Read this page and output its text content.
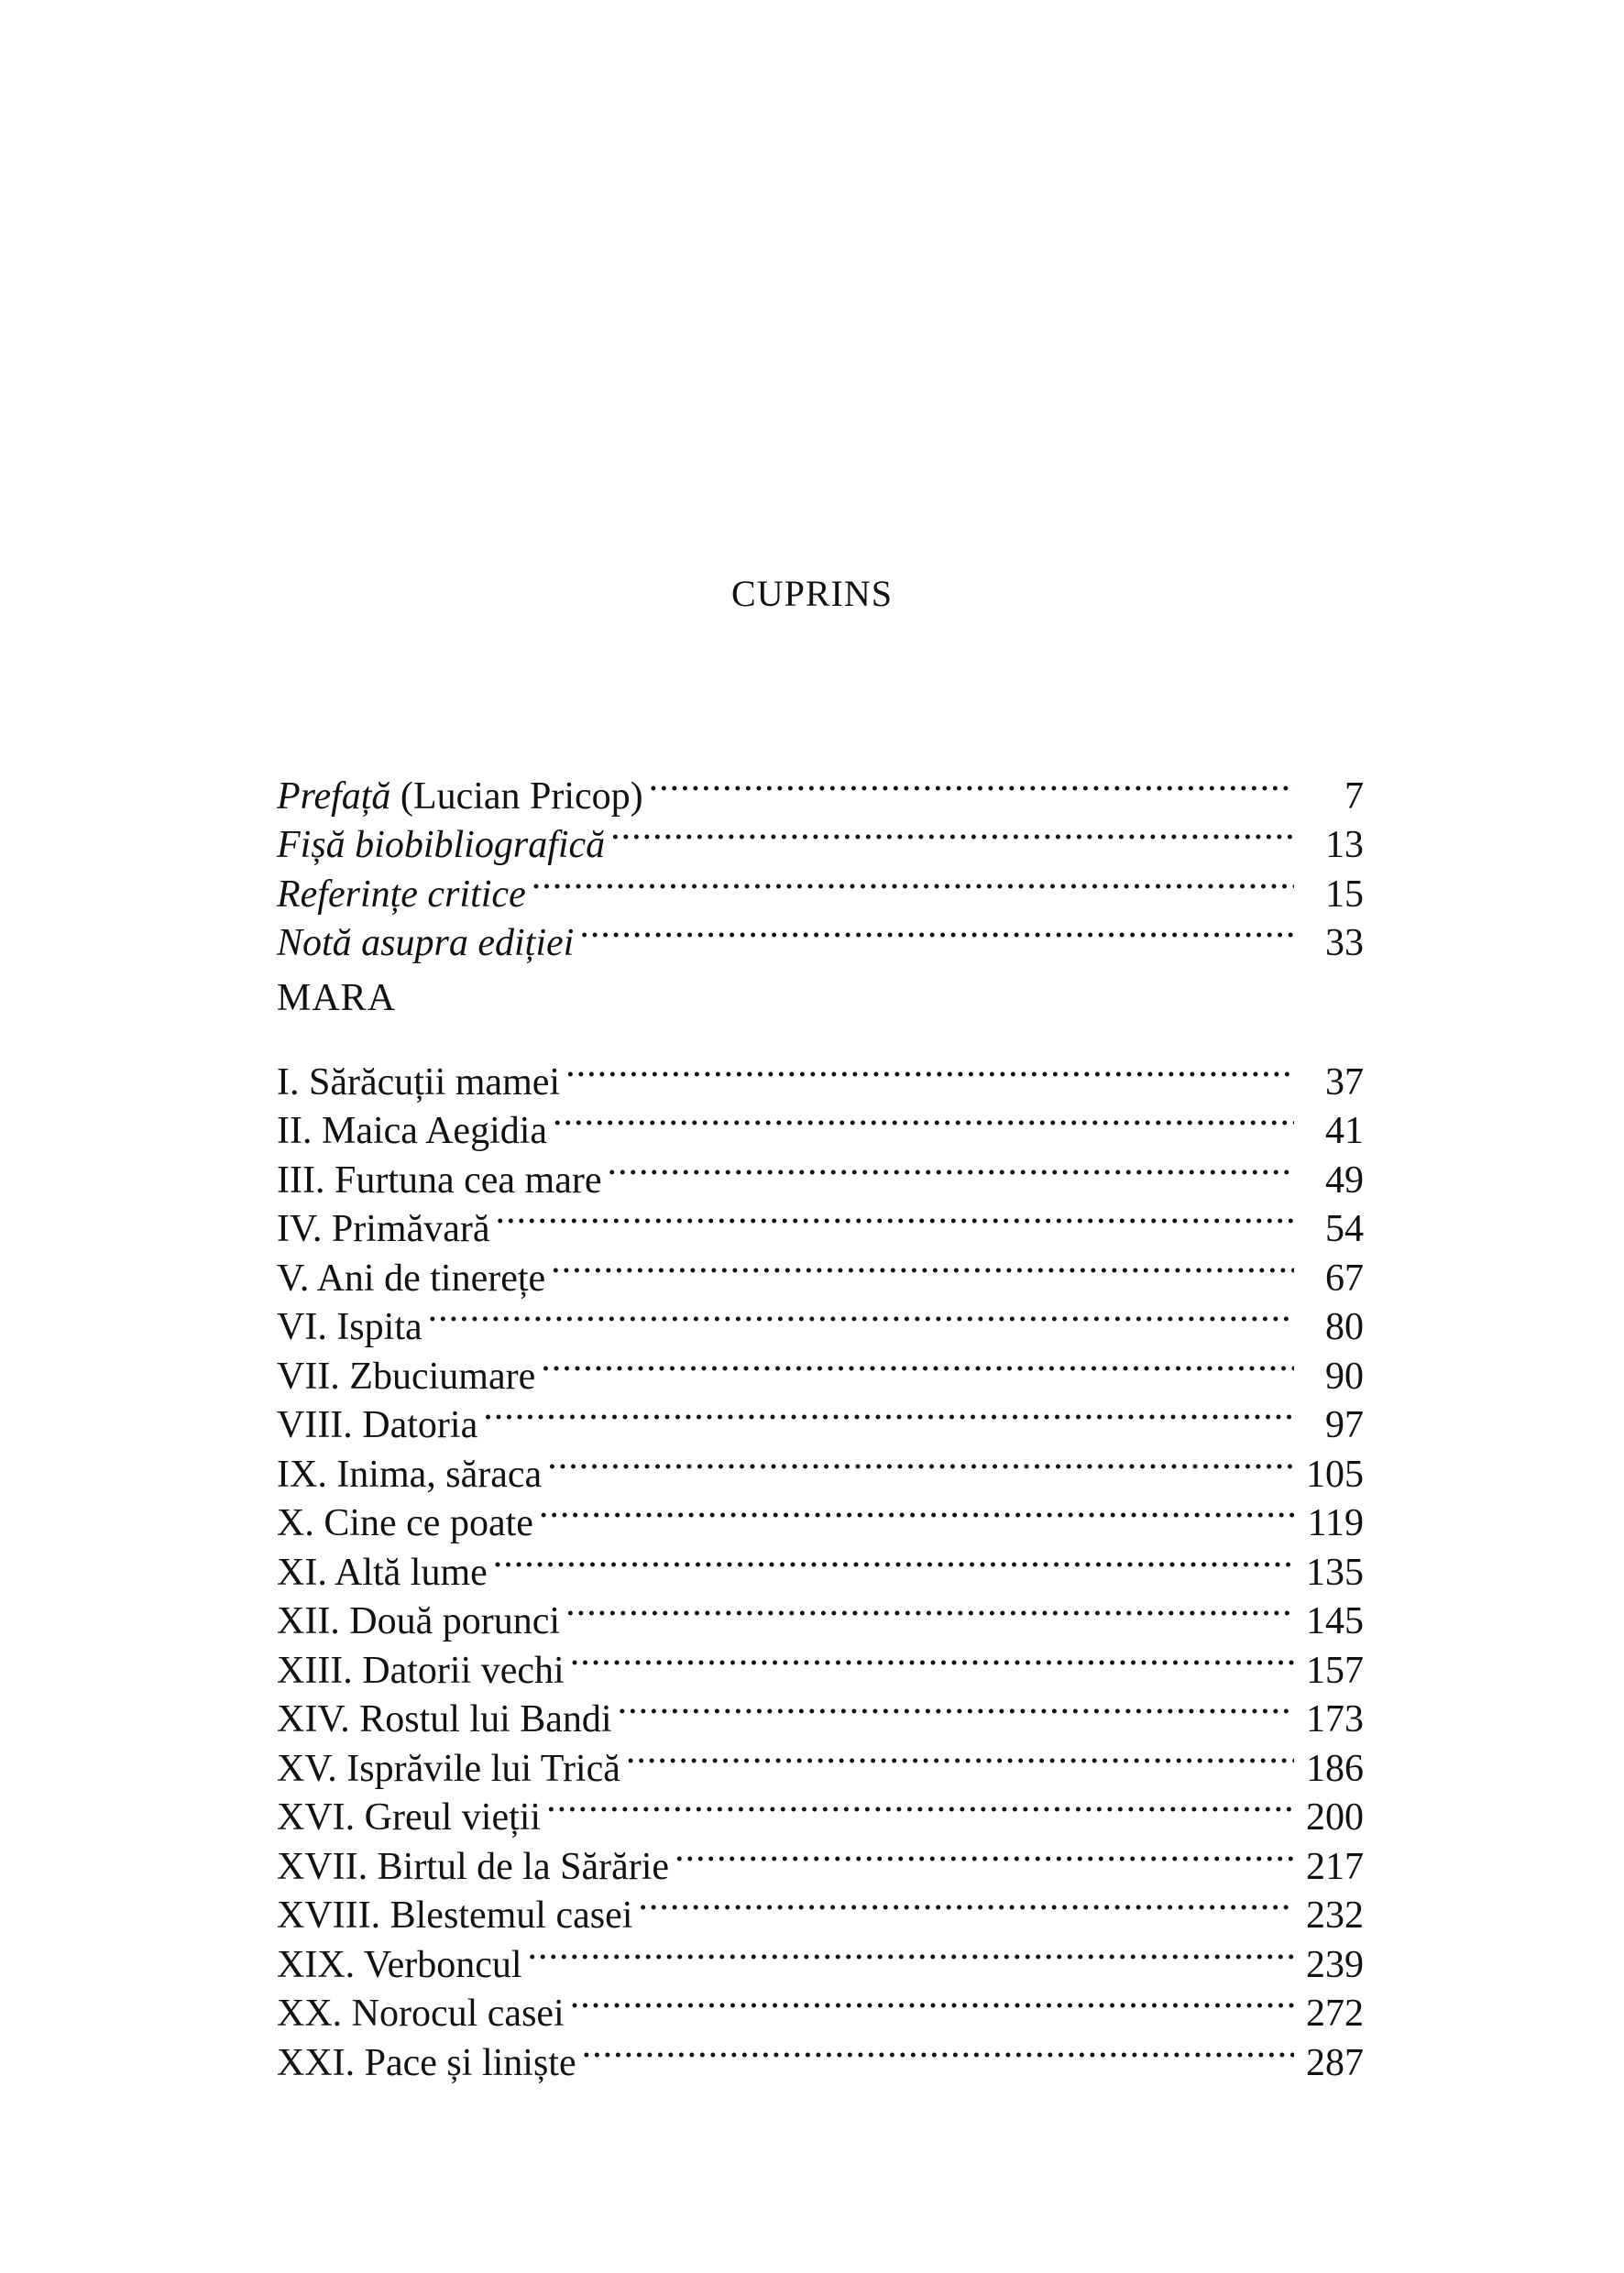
CUPRINS
Prefață (Lucian Pricop) .....	7
Fișă biobibliografică .....	13
Referințe critice .....	15
Notă asupra ediției .....	33
MARA
I. Sărăcuții mamei .....	37
II. Maica Aegidia .....	41
III. Furtuna cea mare .....	49
IV. Primăvară .....	54
V. Ani de tinerețe .....	67
VI. Ispita .....	80
VII. Zbuciumare .....	90
VIII. Datoria .....	97
IX. Inima, săraca .....	105
X. Cine ce poate .....	119
XI. Altă lume .....	135
XII. Două porunci .....	145
XIII. Datorii vechi .....	157
XIV. Rostul lui Bandi .....	173
XV. Isprăvile lui Trică .....	186
XVI. Greul vieții .....	200
XVII. Birtul de la Sărărie .....	217
XVIII. Blestemul casei .....	232
XIX. Verboncul .....	239
XX. Norocul casei .....	272
XXI. Pace și liniște .....	287
